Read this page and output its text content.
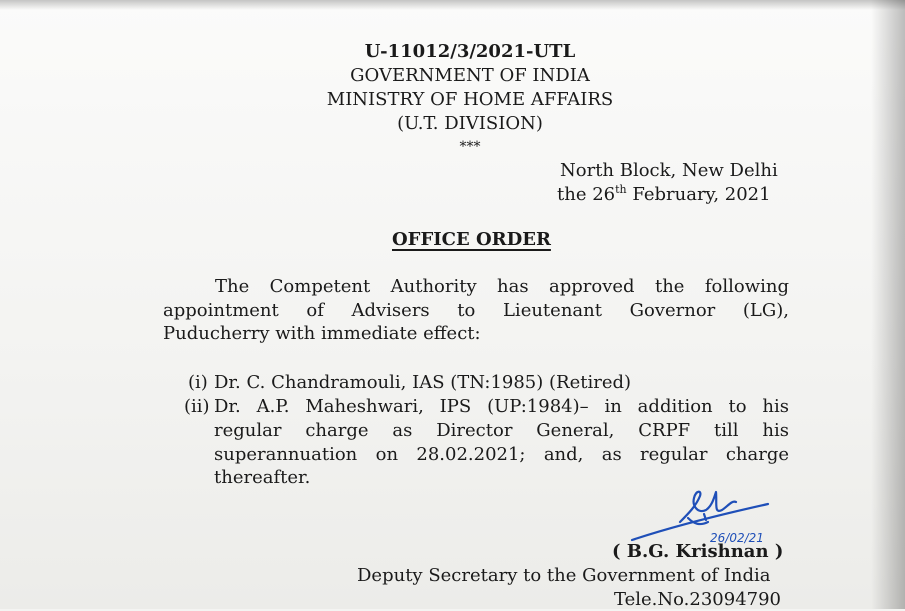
U-11012/3/2021-UTL
GOVERNMENT OF INDIA
MINISTRY OF HOME AFFAIRS
(U.T. DIVISION)
***
North Block, New Delhi
the 26th February, 2021
OFFICE ORDER
The Competent Authority has approved the following
appointment of Advisers to Lieutenant Governor (LG),
Puducherry with immediate effect:
(i) Dr. C. Chandramouli, IAS (TN:1985) (Retired)
(ii) Dr. A.P. Maheshwari, IPS (UP:1984)– in addition to his
regular charge as Director General, CRPF till his
superannuation on 28.02.2021; and, as regular charge
thereafter.
26/02/21
( B.G. Krishnan )
Deputy Secretary to the Government of India
Tele.No.23094790
